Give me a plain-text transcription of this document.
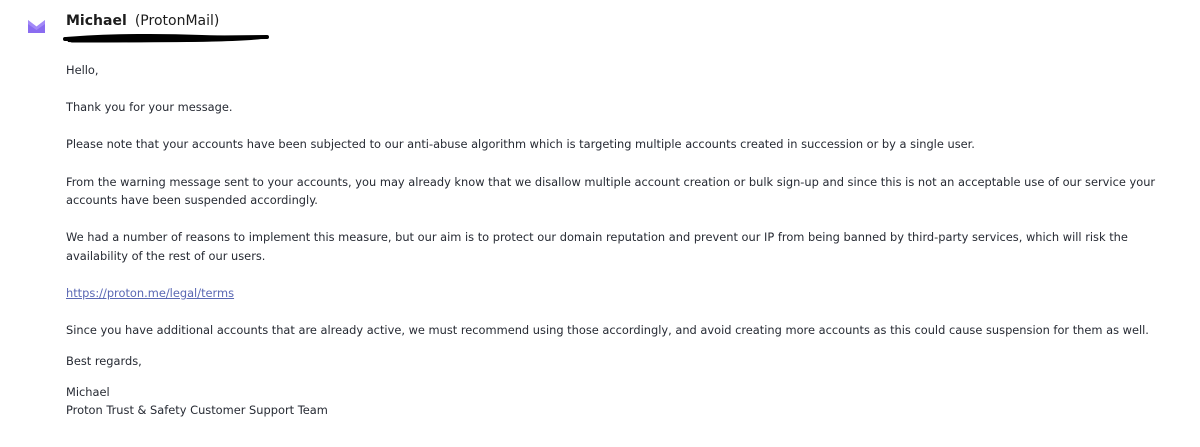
Michael (ProtonMail)

Hello,

Thank you for your message.

Please note that your accounts have been subjected to our anti-abuse algorithm which is targeting multiple accounts created in succession or by a single user.

From the warning message sent to your accounts, you may already know that we disallow multiple account creation or bulk sign-up and since this is not an acceptable use of our service your accounts have been suspended accordingly.

We had a number of reasons to implement this measure, but our aim is to protect our domain reputation and prevent our IP from being banned by third-party services, which will risk the availability of the rest of our users.

https://proton.me/legal/terms

Since you have additional accounts that are already active, we must recommend using those accordingly, and avoid creating more accounts as this could cause suspension for them as well.

Best regards,

Michael
Proton Trust & Safety Customer Support Team
